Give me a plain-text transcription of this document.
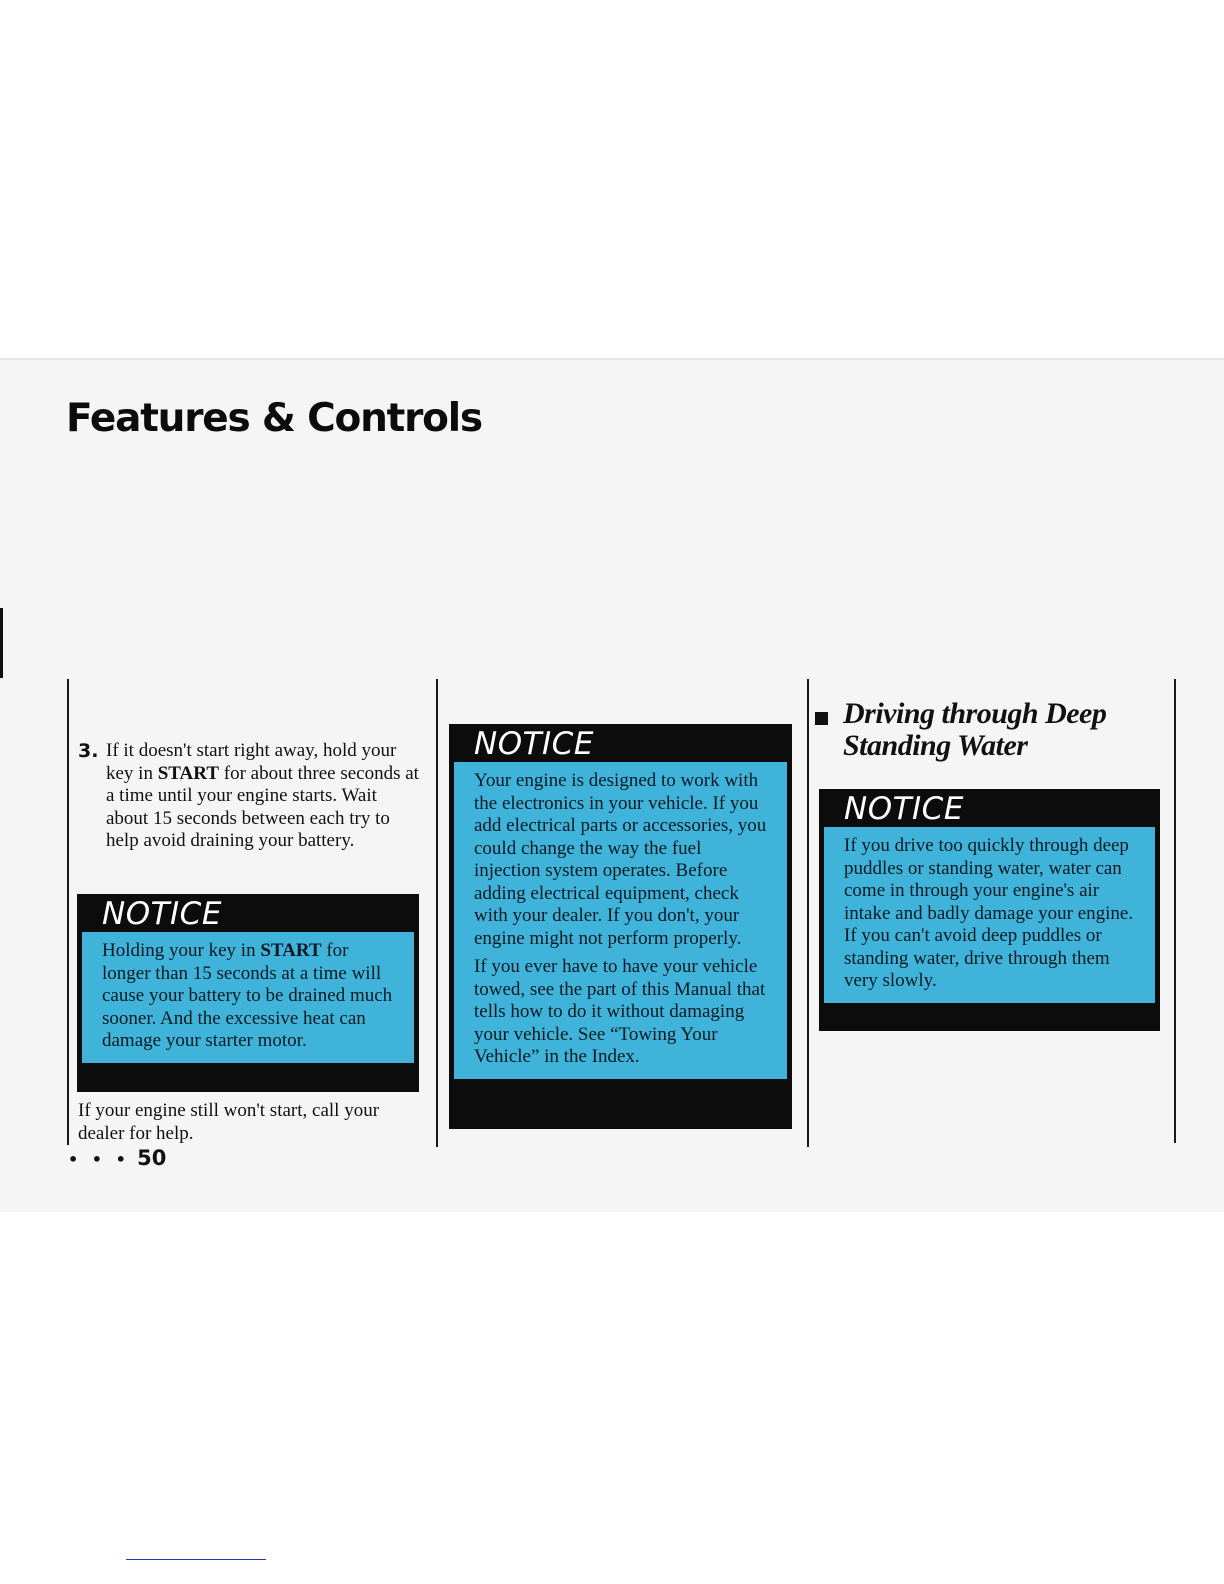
Features & Controls
3. If it doesn't start right away, hold your key in START for about three seconds at a time until your engine starts. Wait about 15 seconds between each try to help avoid draining your battery.

NOTICE

Holding your key in START for longer than 15 seconds at a time will cause your battery to be drained much sooner. And the excessive heat can damage your starter motor.

If your engine still won't start, call your dealer for help.

• • • 50
NOTICE

Your engine is designed to work with the electronics in your vehicle. If you add electrical parts or accessories, you could change the way the fuel injection system operates. Before adding electrical equipment, check with your dealer. If you don't, your engine might not perform properly.

If you ever have to have your vehicle towed, see the part of this Manual that tells how to do it without damaging your vehicle. See “Towing Your Vehicle” in the Index.

Driving through Deep Standing Water
NOTICE

If you drive too quickly through deep puddles or standing water, water can come in through your engine's air intake and badly damage your engine. If you can't avoid deep puddles or standing water, drive through them very slowly.
